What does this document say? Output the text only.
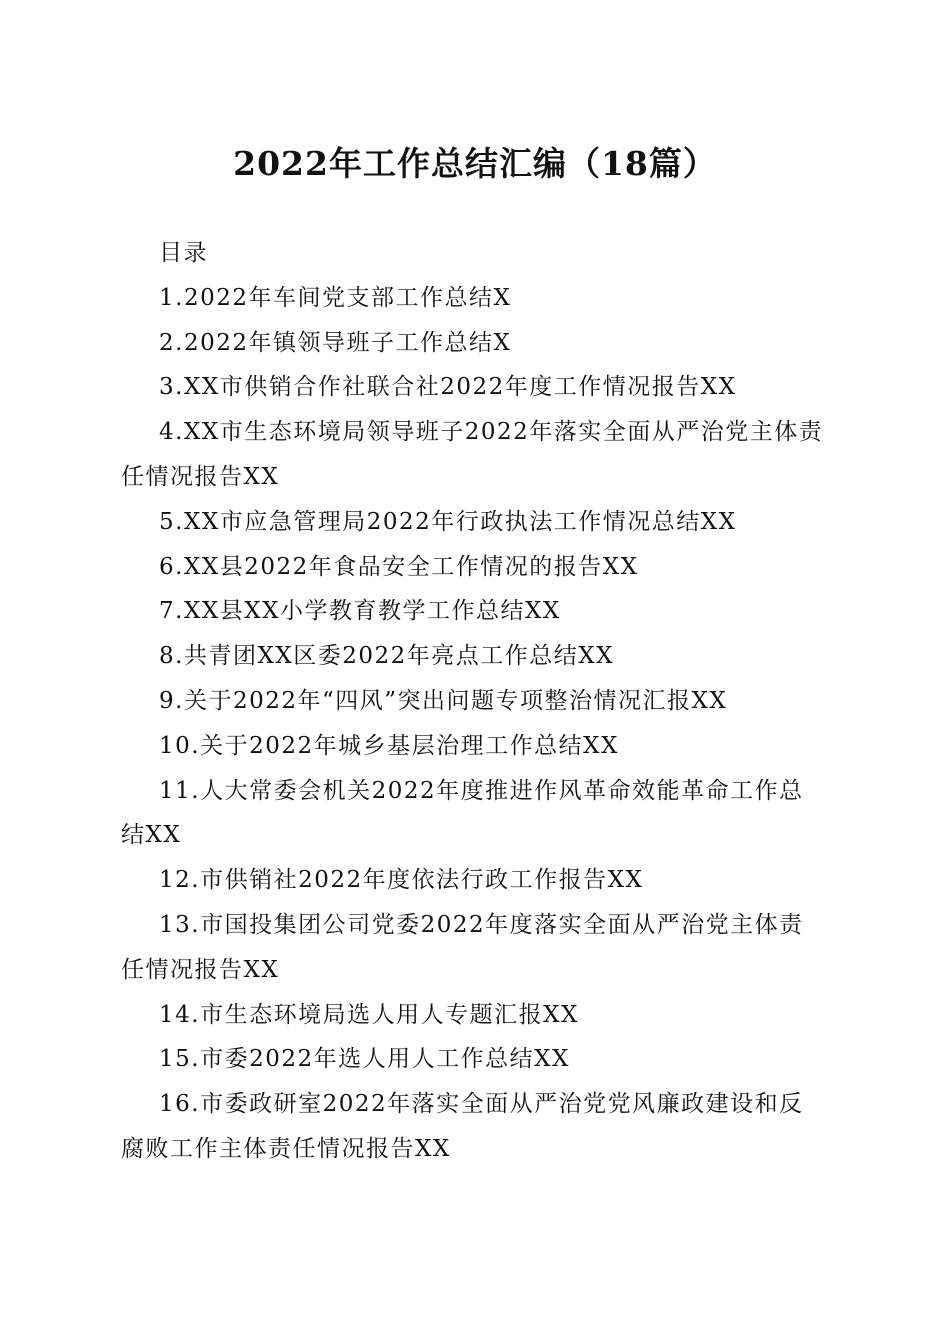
2022年工作总结汇编（18篇）
目录
1.2022年车间党支部工作总结X
2.2022年镇领导班子工作总结X
3.XX市供销合作社联合社2022年度工作情况报告XX
4.XX市生态环境局领导班子2022年落实全面从严治党主体责任情况报告XX
5.XX市应急管理局2022年行政执法工作情况总结XX
6.XX县2022年食品安全工作情况的报告XX
7.XX县XX小学教育教学工作总结XX
8.共青团XX区委2022年亮点工作总结XX
9.关于2022年“四风”突出问题专项整治情况汇报XX
10.关于2022年城乡基层治理工作总结XX
11.人大常委会机关2022年度推进作风革命效能革命工作总结XX
12.市供销社2022年度依法行政工作报告XX
13.市国投集团公司党委2022年度落实全面从严治党主体责任情况报告XX
14.市生态环境局选人用人专题汇报XX
15.市委2022年选人用人工作总结XX
16.市委政研室2022年落实全面从严治党党风廉政建设和反腐败工作主体责任情况报告XX
